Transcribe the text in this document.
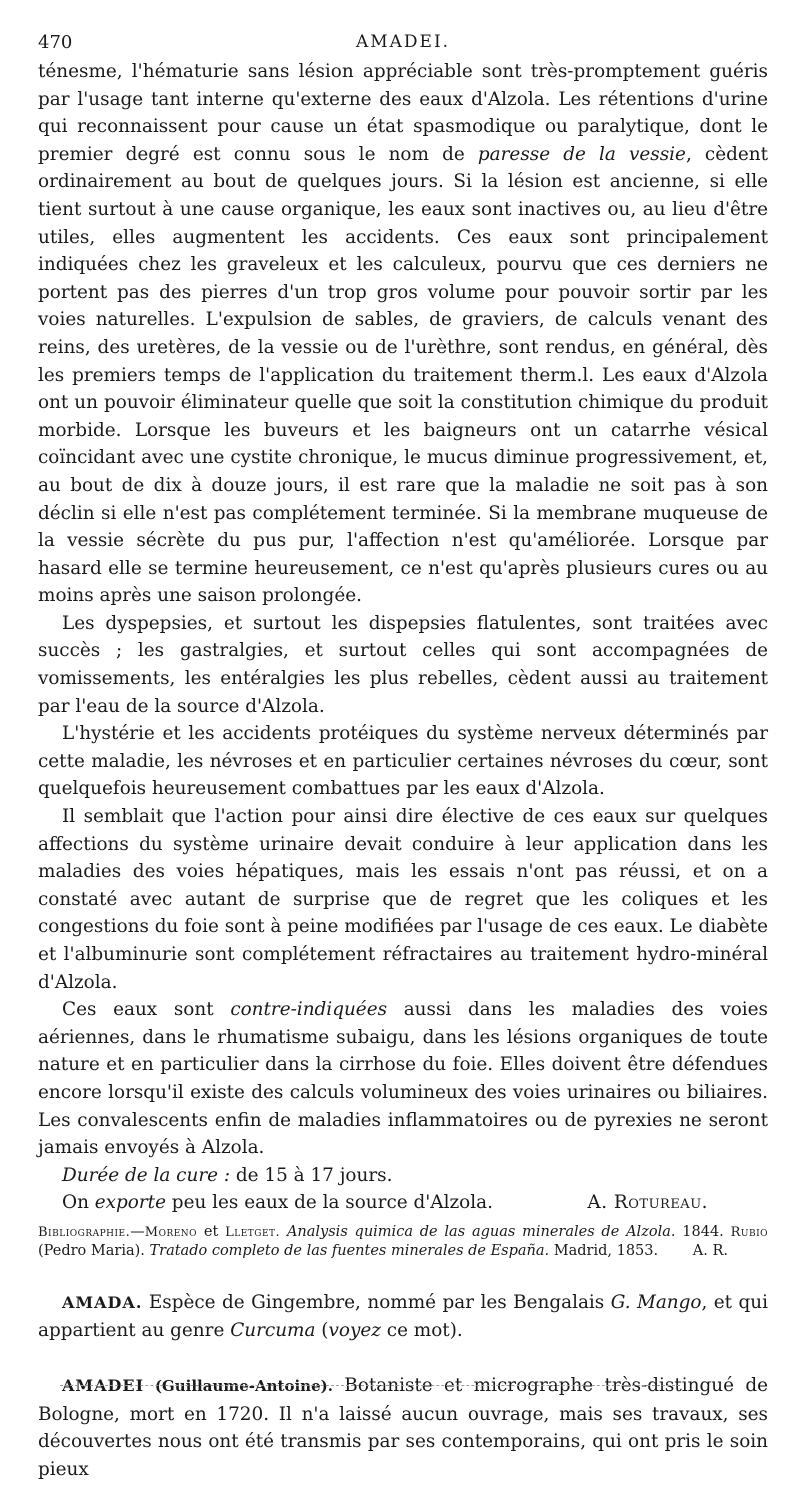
470	AMADEI.

ténesme, l'hématurie sans lésion appréciable sont très-promptement guéris par l'usage tant interne qu'externe des eaux d'Alzola. Les rétentions d'urine qui reconnaissent pour cause un état spasmodique ou paralytique, dont le premier degré est connu sous le nom de paresse de la vessie, cèdent ordinairement au bout de quelques jours. Si la lésion est ancienne, si elle tient surtout à une cause organique, les eaux sont inactives ou, au lieu d'être utiles, elles augmentent les accidents. Ces eaux sont principalement indiquées chez les graveleux et les calculeux, pourvu que ces derniers ne portent pas des pierres d'un trop gros volume pour pouvoir sortir par les voies naturelles. L'expulsion de sables, de graviers, de calculs venant des reins, des uretères, de la vessie ou de l'urèthre, sont rendus, en général, dès les premiers temps de l'application du traitement therm.l. Les eaux d'Alzola ont un pouvoir éliminateur quelle que soit la constitution chimique du produit morbide. Lorsque les buveurs et les baigneurs ont un catarrhe vésical coïncidant avec une cystite chronique, le mucus diminue progressivement, et, au bout de dix à douze jours, il est rare que la maladie ne soit pas à son déclin si elle n'est pas complétement terminée. Si la membrane muqueuse de la vessie sécrète du pus pur, l'affection n'est qu'améliorée. Lorsque par hasard elle se termine heureusement, ce n'est qu'après plusieurs cures ou au moins après une saison prolongée.

Les dyspepsies, et surtout les dispepsies flatulentes, sont traitées avec succès ; les gastralgies, et surtout celles qui sont accompagnées de vomissements, les entéralgies les plus rebelles, cèdent aussi au traitement par l'eau de la source d'Alzola.

L'hystérie et les accidents protéiques du système nerveux déterminés par cette maladie, les névroses et en particulier certaines névroses du cœur, sont quelquefois heureusement combattues par les eaux d'Alzola.

Il semblait que l'action pour ainsi dire élective de ces eaux sur quelques affections du système urinaire devait conduire à leur application dans les maladies des voies hépatiques, mais les essais n'ont pas réussi, et on a constaté avec autant de surprise que de regret que les coliques et les congestions du foie sont à peine modifiées par l'usage de ces eaux. Le diabète et l'albuminurie sont complétement réfractaires au traitement hydro-minéral d'Alzola.

Ces eaux sont contre-indiquées aussi dans les maladies des voies aériennes, dans le rhumatisme subaigu, dans les lésions organiques de toute nature et en particulier dans la cirrhose du foie. Elles doivent être défendues encore lorsqu'il existe des calculs volumineux des voies urinaires ou biliaires. Les convalescents enfin de maladies inflammatoires ou de pyrexies ne seront jamais envoyés à Alzola.

Durée de la cure : de 15 à 17 jours.

On exporte peu les eaux de la source d'Alzola.	A. Rotureau.
Bibliographie.—Moreno et Lletget. Analysis quimica de las aguas minerales de Alzola. 1844. Rubio (Pedro Maria). Tratado completo de las fuentes minerales de España. Madrid, 1853.	A. R.

AMADA. Espèce de Gingembre, nommé par les Bengalais G. Mango, et qui appartient au genre Curcuma (voyez ce mot).

AMADEI (Guillaume-Antoine). Botaniste et micrographe très-distingué de Bologne, mort en 1720. Il n'a laissé aucun ouvrage, mais ses travaux, ses découvertes nous ont été transmis par ses contemporains, qui ont pris le soin pieux
